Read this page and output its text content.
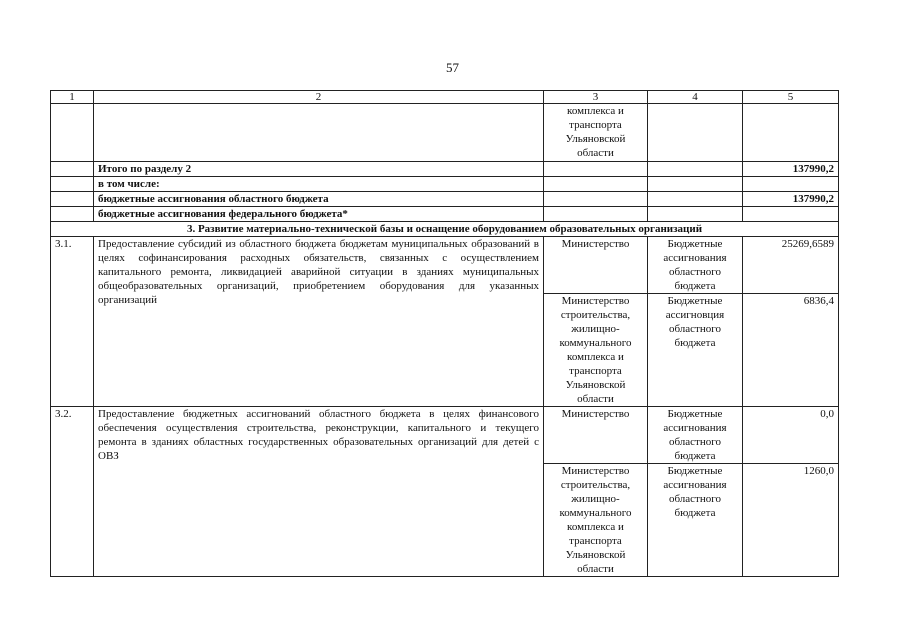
57
1	2	3	4	5
		комплекса и транспорта Ульяновской области		
	Итого по разделу 2			137990,2
	в том числе:			
	бюджетные ассигнования областного бюджета			137990,2
	бюджетные ассигнования федерального бюджета*			
3. Развитие материально-технической базы и оснащение оборудованием образовательных организаций				
3.1.	Предоставление субсидий из областного бюджета бюджетам муниципальных образований в целях софинансирования расходных обязательств, связанных с осуществлением капитального ремонта, ликвидацией аварийной ситуации в зданиях муниципальных общеобразовательных организаций, приобретением оборудования для указанных организаций	Министерство	Бюджетные ассигнования областного бюджета	25269,6589
		Министерство строительства, жилищно-коммунального комплекса и транспорта Ульяновской области	Бюджетные ассигновция областного бюджета	6836,4
3.2.	Предоставление бюджетных ассигнований областного бюджета в целях финансового обеспечения осуществления строительства, реконструкции, капитального и текущего ремонта в зданиях областных государственных образовательных организаций для детей с ОВЗ	Министерство	Бюджетные ассигнования областного бюджета	0,0
		Министерство строительства, жилищно-коммунального комплекса и транспорта Ульяновской области	Бюджетные ассигнования областного бюджета	1260,0
